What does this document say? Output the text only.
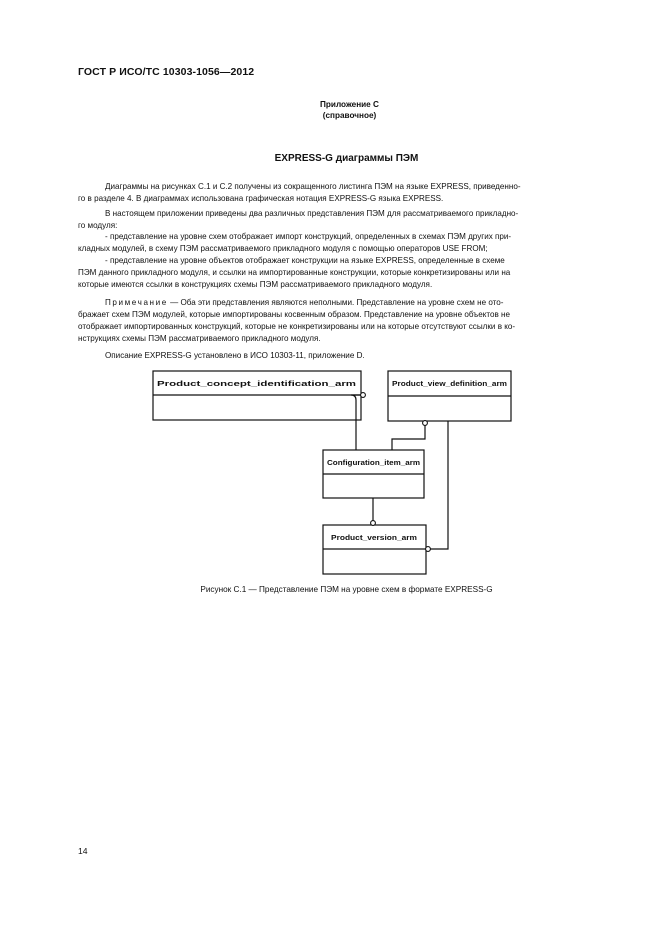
ГОСТ Р ИСО/ТС 10303-1056—2012
Приложение C
(справочное)
EXPRESS-G диаграммы ПЭМ
Диаграммы на рисунках C.1 и C.2 получены из сокращенного листинга ПЭМ на языке EXPRESS, приведенно-
го в разделе 4. В диаграммах использована графическая нотация EXPRESS-G языка EXPRESS.
В настоящем приложении приведены два различных представления ПЭМ для рассматриваемого прикладно-
го модуля:
- представление на уровне схем отображает импорт конструкций, определенных в схемах ПЭМ других при-
кладных модулей, в схему ПЭМ рассматриваемого прикладного модуля с помощью операторов USE FROM;
- представление на уровне объектов отображает конструкции на языке EXPRESS, определенные в схеме
ПЭМ данного прикладного модуля, и ссылки на импортированные конструкции, которые конкретизированы или на
которые имеются ссылки в конструкциях схемы ПЭМ рассматриваемого прикладного модуля.
Примечание — Оба эти представления являются неполными. Представление на уровне схем не ото-
бражает схем ПЭМ модулей, которые импортированы косвенным образом. Представление на уровне объектов не
отображает импортированных конструкций, которые не конкретизированы или на которые отсутствуют ссылки в ко-
нструкциях схемы ПЭМ рассматриваемого прикладного модуля.
Описание EXPRESS-G установлено в ИСО 10303-11, приложение D.
Product_concept_identification_arm	Product_view_definition_arm
Configuration_item_arm
Product_version_arm
Рисунок C.1 — Представление ПЭМ на уровне схем в формате EXPRESS-G
14
